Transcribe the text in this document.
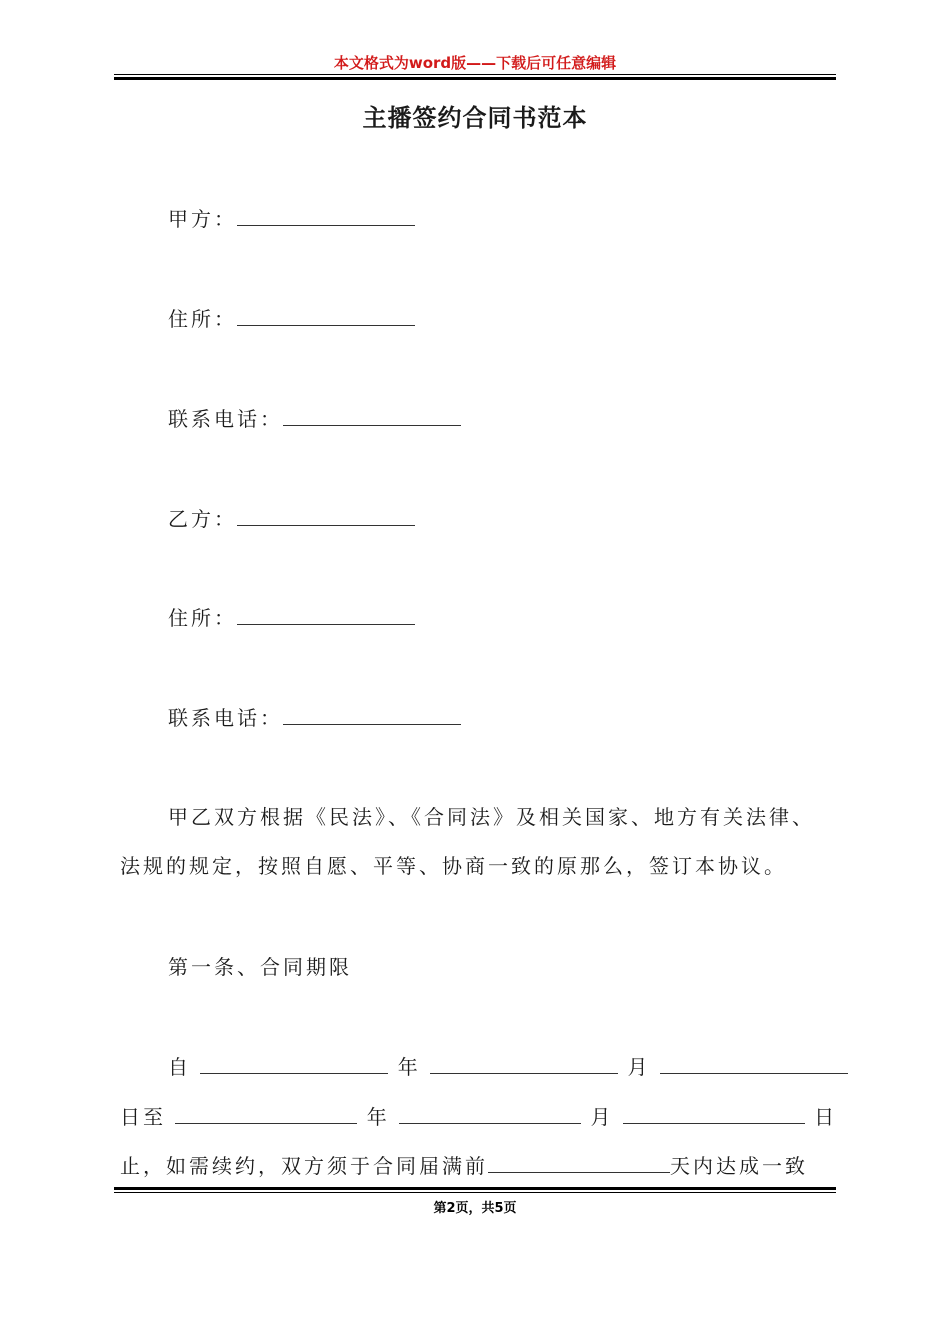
本文格式为word版——下载后可任意编辑
主播签约合同书范本
甲方：
住所：
联系电话：
乙方：
住所：
联系电话：
甲乙双方根据《民法》、《合同法》及相关国家、地方有关法律、
法规的规定，按照自愿、平等、协商一致的原那么，签订本协议。
第一条、合同期限
自	年	月
日至	年	月	日
止，如需续约，双方须于合同届满前	天内达成一致
第2页，共5页
